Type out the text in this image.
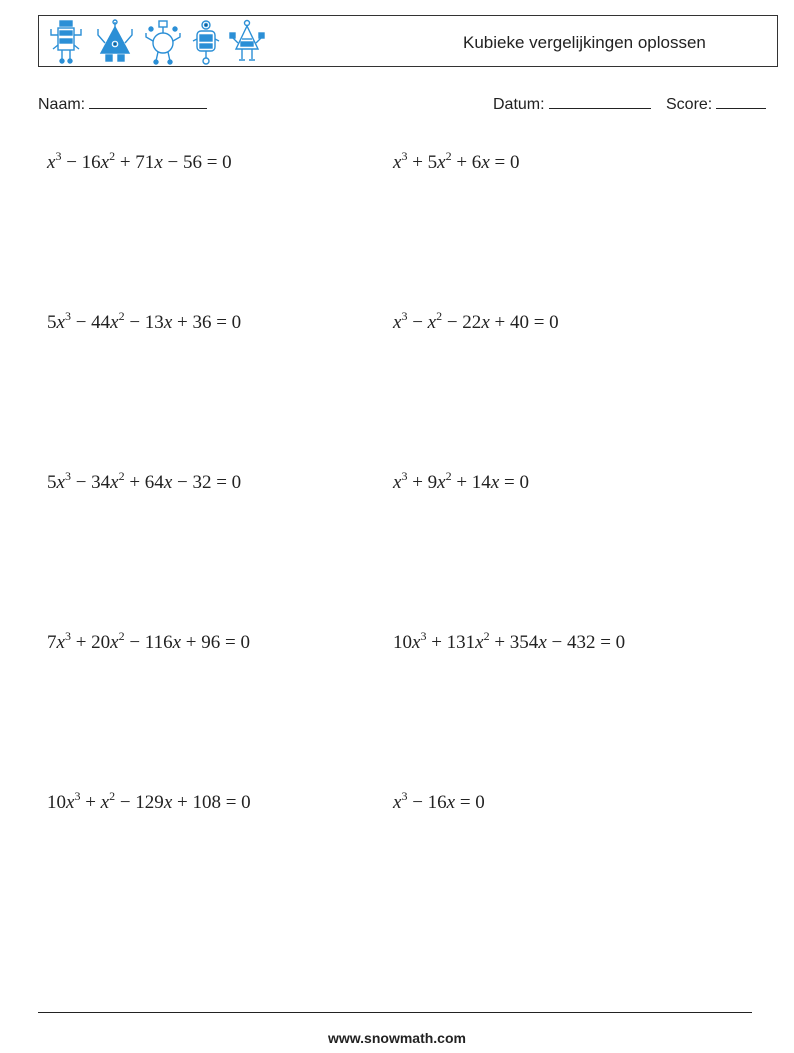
Kubieke vergelijkingen oplossen
Naam:	Datum:	Score:
$x^3 - 16x^2 + 71x - 56 = 0$	$x^3 + 5x^2 + 6x = 0$
$5x^3 - 44x^2 - 13x + 36 = 0$	$x^3 - x^2 - 22x + 40 = 0$
$5x^3 - 34x^2 + 64x - 32 = 0$	$x^3 + 9x^2 + 14x = 0$
$7x^3 + 20x^2 - 116x + 96 = 0$	$10x^3 + 131x^2 + 354x - 432 = 0$
$10x^3 + x^2 - 129x + 108 = 0$	$x^3 - 16x = 0$
www.snowmath.com
